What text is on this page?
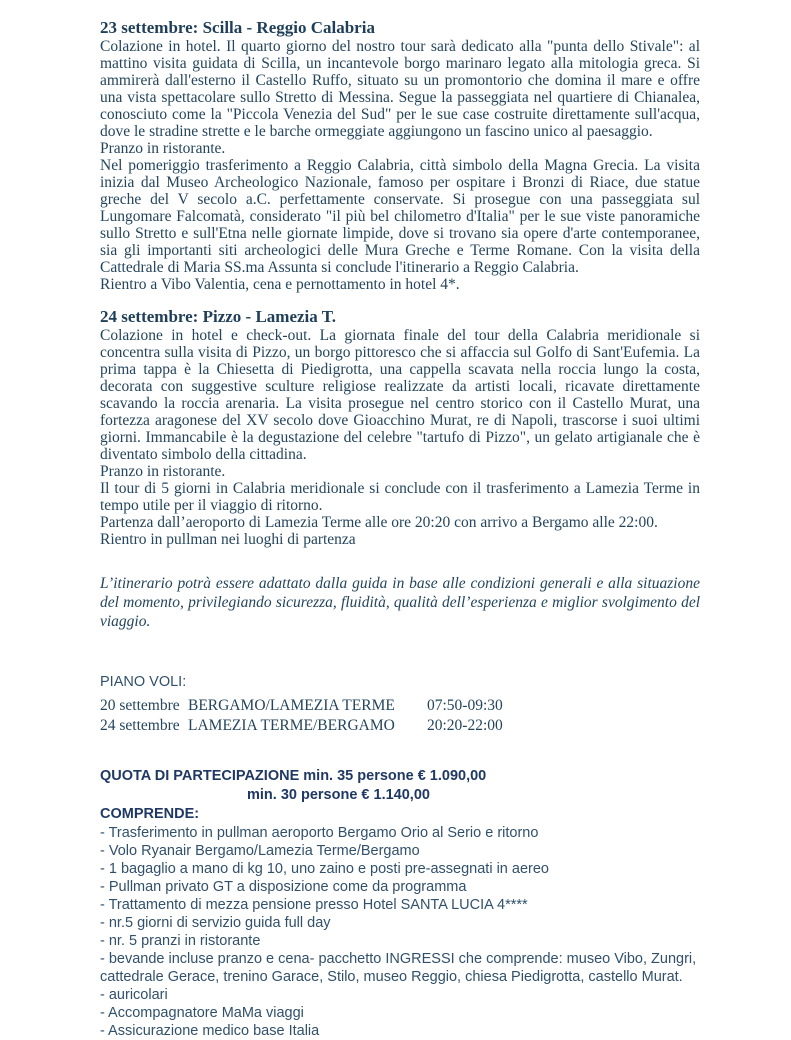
23 settembre: Scilla - Reggio Calabria

Colazione in hotel. Il quarto giorno del nostro tour sarà dedicato alla "punta dello Stivale": al mattino visita guidata di Scilla, un incantevole borgo marinaro legato alla mitologia greca. Si ammirerà dall'esterno il Castello Ruffo, situato su un promontorio che domina il mare e offre una vista spettacolare sullo Stretto di Messina. Segue la passeggiata nel quartiere di Chianalea, conosciuto come la "Piccola Venezia del Sud" per le sue case costruite direttamente sull'acqua, dove le stradine strette e le barche ormeggiate aggiungono un fascino unico al paesaggio.

Pranzo in ristorante.

Nel pomeriggio trasferimento a Reggio Calabria, città simbolo della Magna Grecia. La visita inizia dal Museo Archeologico Nazionale, famoso per ospitare i Bronzi di Riace, due statue greche del V secolo a.C. perfettamente conservate. Si prosegue con una passeggiata sul Lungomare Falcomatà, considerato "il più bel chilometro d'Italia" per le sue viste panoramiche sullo Stretto e sull'Etna nelle giornate limpide, dove si trovano sia opere d'arte contemporanee, sia gli importanti siti archeologici delle Mura Greche e Terme Romane. Con la visita della Cattedrale di Maria SS.ma Assunta si conclude l'itinerario a Reggio Calabria.

Rientro a Vibo Valentia, cena e pernottamento in hotel 4*.

24 settembre: Pizzo - Lamezia T.

Colazione in hotel e check-out. La giornata finale del tour della Calabria meridionale si concentra sulla visita di Pizzo, un borgo pittoresco che si affaccia sul Golfo di Sant'Eufemia. La prima tappa è la Chiesetta di Piedigrotta, una cappella scavata nella roccia lungo la costa, decorata con suggestive sculture religiose realizzate da artisti locali, ricavate direttamente scavando la roccia arenaria. La visita prosegue nel centro storico con il Castello Murat, una fortezza aragonese del XV secolo dove Gioacchino Murat, re di Napoli, trascorse i suoi ultimi giorni. Immancabile è la degustazione del celebre "tartufo di Pizzo", un gelato artigianale che è diventato simbolo della cittadina.

Pranzo in ristorante.

Il tour di 5 giorni in Calabria meridionale si conclude con il trasferimento a Lamezia Terme in tempo utile per il viaggio di ritorno.

Partenza dall’aeroporto di Lamezia Terme alle ore 20:20 con arrivo a Bergamo alle 22:00.

Rientro in pullman nei luoghi di partenza

L’itinerario potrà essere adattato dalla guida in base alle condizioni generali e alla situazione del momento, privilegiando sicurezza, fluidità, qualità dell’esperienza e miglior svolgimento del viaggio.

PIANO VOLI:

20 settembre BERGAMO/LAMEZIA TERME	07:50-09:30
24 settembre LAMEZIA TERME/BERGAMO	20:20-22:00

QUOTA DI PARTECIPAZIONE min. 35 persone € 1.090,00

min. 30 persone € 1.140,00

COMPRENDE:

- Trasferimento in pullman aeroporto Bergamo Orio al Serio e ritorno

- Volo Ryanair Bergamo/Lamezia Terme/Bergamo

- 1 bagaglio a mano di kg 10, uno zaino e posti pre-assegnati in aereo

- Pullman privato GT a disposizione come da programma

- Trattamento di mezza pensione presso Hotel SANTA LUCIA 4****

- nr.5 giorni di servizio guida full day

- nr. 5 pranzi in ristorante

- bevande incluse pranzo e cena- pacchetto INGRESSI che comprende: museo Vibo, Zungri, cattedrale Gerace, trenino Garace, Stilo, museo Reggio, chiesa Piedigrotta, castello Murat.

- auricolari

- Accompagnatore MaMa viaggi

- Assicurazione medico base Italia
